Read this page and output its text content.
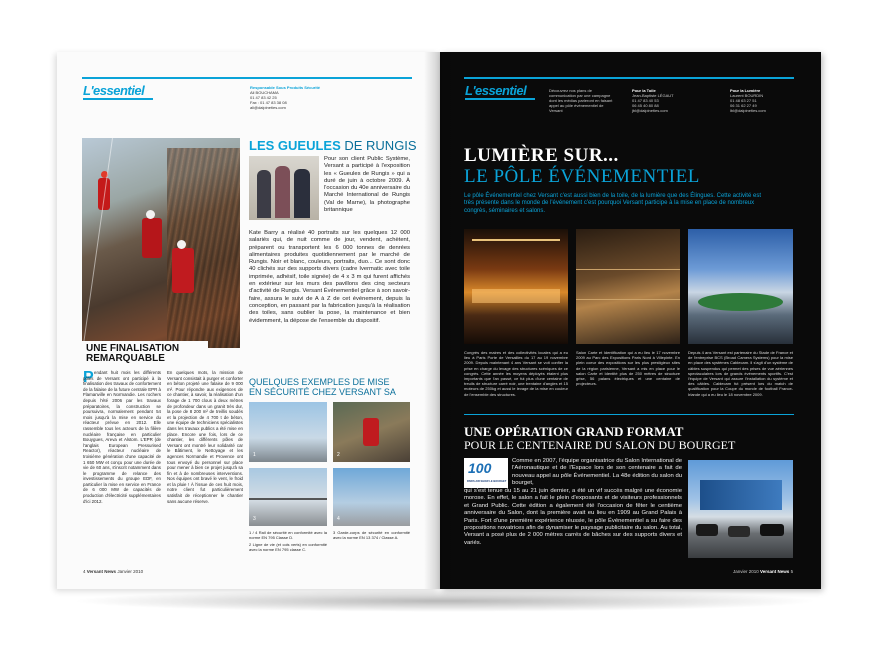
L'essentiel	Responsable Sous Produits Sécurité
Ali BOUCHAMA
01 47 83 42 25
Fax : 01 47 83 38 08
ali@dalpineties.com
LES GUEULES DE RUNGIS
Pour son client Public Système, Versant a participé à l'exposition les « Gueules de Rungis » qui a duré de juin à octobre 2009. À l'occasion du 40e anniversaire du Marché International de Rungis (Val de Marne), la photographe britannique
Kate Barry a réalisé 40 portraits sur les quelques 12 000 salariés qui, de nuit comme de jour, vendent, achètent, préparent ou transportent les 6 000 tonnes de denrées alimentaires produites quotidiennement par le marché de Rungis. Noir et blanc, couleurs, portraits, duo... Ce sont donc 40 clichés sur des supports divers (cadre Ivermatic avec toile imprimée, adhésif, toile signée) de 4 x 3 m qui furent affichés en extérieur sur les murs des pavillons des cinq secteurs d'activité de Rungis. Versant Événementiel grâce à son savoir-faire, assura le suivi de A à Z de cet événement, depuis la conception, en passant par la fabrication jusqu'à la réalisation des toiles, sans oublier la pose, la maintenance et bien évidemment, la dépose de l'ensemble du dispositif.
UNE FINALISATION
REMARQUABLE
P endant huit mois les différents pôles de Versant ont participé à la finalisation des travaux de confortement de la falaise de la future centrale EPR à Flamanville en Normandie. Les rochers depuis l'été 2006 par les travaux préparatoires, la construction se poursuivra, normalement pendant 54 mois jusqu'à la mise en service du réacteur prévue en 2012. Elle rassemble tous les acteurs de la filière nucléaire française en particulier Bouygues, Areva et Alstom. L'EPR (de l'anglais European Pressurised Reactor), réacteur nucléaire de troisième génération d'une capacité de 1 650 MW et conçu pour une durée de vie de 60 ans, s'inscrit notamment dans le programme de relance des investissements du groupe EDF, en particulier la mise en service en France de 6 000 MW de capacités de production d'électricité supplémentaires d'ici 2012.
En quelques mots, la mission de Versant consistait à purger et conforter en béton projeté une falaise de 9 000 m². Pour répondre aux exigences de ce chantier, à savoir, la réalisation d'un forage de 1 700 clous à deux mètres de profondeur dans un granit très dur, la pose de 8 200 m² de treillis soudés et la projection de 4 700 t de béton, une équipe de techniciens spécialistes dans les travaux publics a été mise en place. Encore une fois, lors de ce chantier, les différents pôles de Versant ont montré leur solidarité car le Bâtiment, le Nettoyage et les agences Normandie et Provence ont tous envoyé du personnel sur place pour mener à bien ce projet jusqu'à sa fin et à de nombreuses interventions. Nos équipes ont bravé le vent, le froid et la pluie ! À l'issue de ces huit mois, notre client fut particulièrement satisfait de réceptionner le chantier sans aucune réserve.
QUELQUES EXEMPLES DE MISE
EN SÉCURITÉ CHEZ VERSANT SA
1	2
3	4
1 / 4 Rail de sécurité en conformité avec la norme EN 795 Classe D.
2 Ligne de vie (et cols verts) en conformité avec la norme EN 795 classe C.
3 Garde-corps de sécurité en conformité avec la norme EN 13 374 / Classe A.
4 Versant News Janvier 2010
L'essentiel	Découvrez nos plans de communication par une campagne dont les médias parleront en faisant appel au pôle événementiel de Versant
Pour la Toile
Jean-Baptiste LÉGAUT
01 47 83 40 53
06 45 40 80 88
jbl@dalpineties.com
Pour la Lumière
Laurent BOURDIN
01 48 63 27 51
06 31 62 27 49
lbl@dalpineties.com
LUMIÈRE SUR...
LE PÔLE ÉVÉNEMENTIEL
Le pôle Événementiel chez Versant c'est aussi bien de la toile, de la lumière que des Élingues. Cette activité est très présente dans le monde de l'événement c'est pourquoi Versant participe à la mise en place de nombreux congrès, séminaires et salons.
Congrès des maires et des collectivités locales qui a eu lieu à Paris Porte de Versailles du 17 au 19 novembre 2009. Depuis maintenant 4 ans Versant se voit confier la prise en charge du levage des structures scéniques de ce congrès. Cette année les moyens déployés étaient plus importants que l'an passé, ce fut plus d'une centaine de treuils de structure carré noir, une trentaine d'angles et 15 moteurs de 250kg et aussi le levage de la mise en couleur de l'ensemble des structures.
Salon Carte et Identification qui a eu lieu le 17 novembre 2009 au Parc des Expositions Paris Nord à Villepinte. En plein coeur des expositions sur les plus prestigieux sites de la région parisienne, Versant a mis en place pour le salon Carte et Identité plus de 250 mètres de structure grise, 56 palans électriques et une centaine de projecteurs.
Depuis 4 ans Versant est partenaire du Stade de France et de l'entreprise BCS (Broad Camera Systems) pour la mise en place des systèmes Cablecam. Il s'agit d'un système de câbles suspendus qui permet des prises de vue aériennes spectaculaires lors de grands événements sportifs. C'est l'équipe de Versant qui assure l'installation du système et des câbles. Cablecam fut présent lors du match de qualification pour la Coupe du monde de football France-Irlande qui a eu lieu le 18 novembre 2009.
UNE OPÉRATION GRAND FORMAT
POUR LE CENTENAIRE DU SALON DU BOURGET
100
PARIS AIR SHOW LE BOURGET
Comme en 2007, l'équipe organisatrice du Salon International de l'Aéronautique et de l'Espace lors de son centenaire a fait de nouveau appel au pôle Événementiel. La 48e édition du salon du bourget,
qui s'est tenue du 15 au 21 juin dernier, a été un vif succès malgré une économie morose. En effet, le salon a fait le plein d'exposants et de visiteurs professionnels et Grand Public. Cette édition a également été l'occasion de fêter le centième anniversaire du Salon, dont la première avait eu lieu en 1909 au Grand Palais à Paris. Fort d'une première expérience réussie, le pôle Événementiel a su faire des propositions novatrices afin de dynamiser le paysage publicitaire du salon. Au total, Versant a posé plus de 2 000 mètres carrés de bâches sur des supports divers et variés.
Janvier 2010 Versant News 5
